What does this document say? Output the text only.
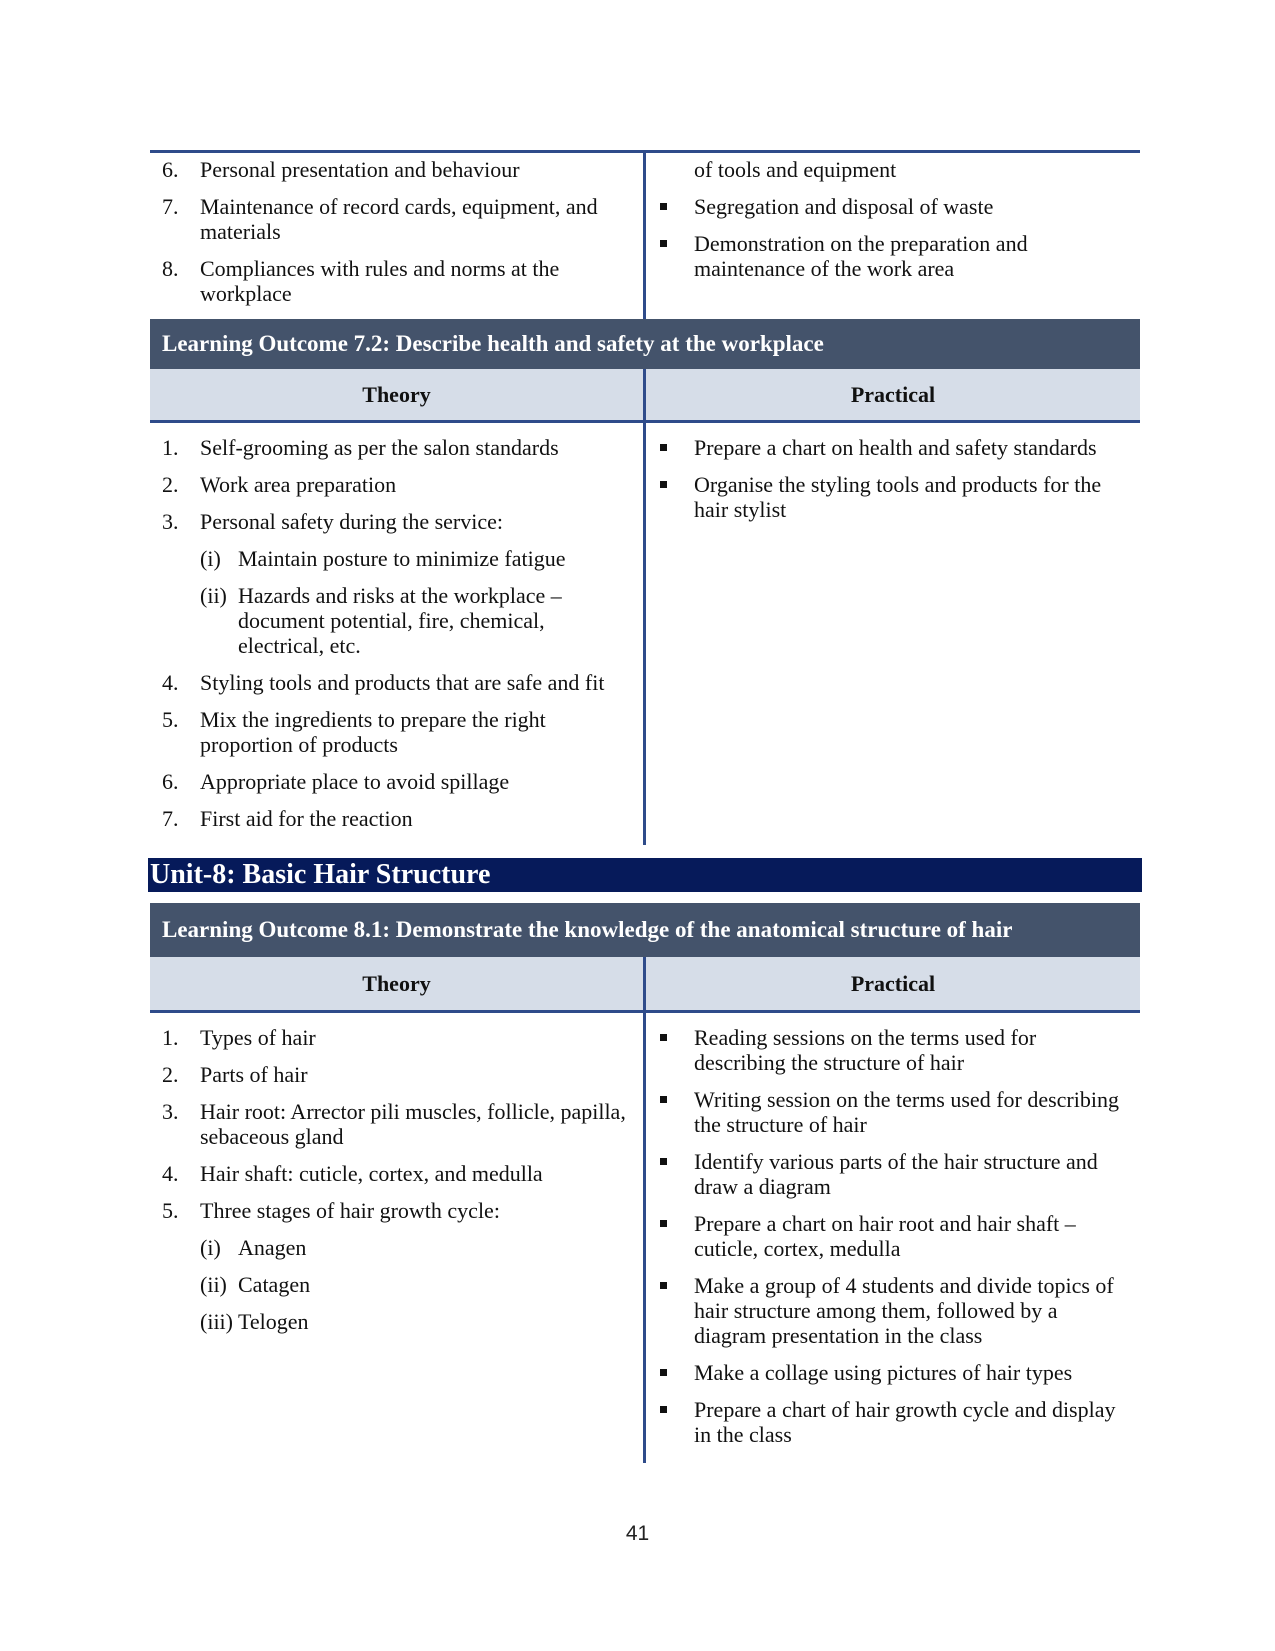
6. Personal presentation and behaviour
7. Maintenance of record cards, equipment, and materials
8. Compliances with rules and norms at the workplace
of tools and equipment
Segregation and disposal of waste
Demonstration on the preparation and maintenance of the work area
Learning Outcome 7.2: Describe health and safety at the workplace
Theory	Practical
1. Self-grooming as per the salon standards
2. Work area preparation
3. Personal safety during the service:
(i) Maintain posture to minimize fatigue
(ii) Hazards and risks at the workplace – document potential, fire, chemical, electrical, etc.
4. Styling tools and products that are safe and fit
5. Mix the ingredients to prepare the right proportion of products
6. Appropriate place to avoid spillage
7. First aid for the reaction
Prepare a chart on health and safety standards
Organise the styling tools and products for the hair stylist
Unit-8: Basic Hair Structure
Learning Outcome 8.1: Demonstrate the knowledge of the anatomical structure of hair
Theory	Practical
1. Types of hair
2. Parts of hair
3. Hair root: Arrector pili muscles, follicle, papilla, sebaceous gland
4. Hair shaft: cuticle, cortex, and medulla
5. Three stages of hair growth cycle:
(i) Anagen
(ii) Catagen
(iii) Telogen
Reading sessions on the terms used for describing the structure of hair
Writing session on the terms used for describing the structure of hair
Identify various parts of the hair structure and draw a diagram
Prepare a chart on hair root and hair shaft – cuticle, cortex, medulla
Make a group of 4 students and divide topics of hair structure among them, followed by a diagram presentation in the class
Make a collage using pictures of hair types
Prepare a chart of hair growth cycle and display in the class
41
